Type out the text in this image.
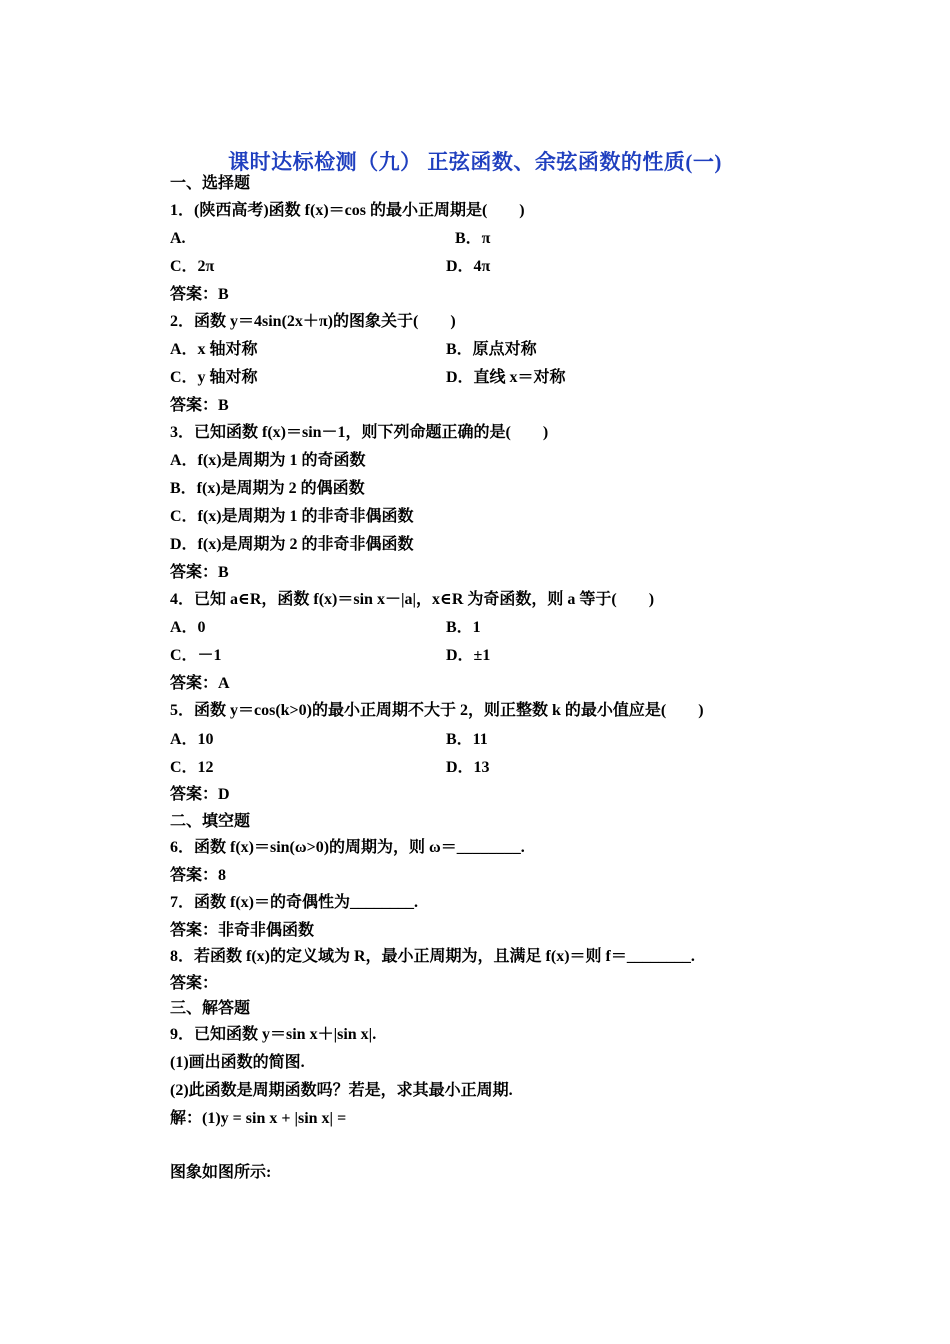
课时达标检测（九） 正弦函数、余弦函数的性质(一)
一、选择题
1．(陕西高考)函数 f(x)＝cos 的最小正周期是(　　)
A.
C．2π
答案：B
2．函数 y＝4sin(2x＋π)的图象关于(　　)
A．x 轴对称
C．y 轴对称
答案：B
3．已知函数 f(x)＝sin－1，则下列命题正确的是(　　)
A．f(x)是周期为 1 的奇函数
B．f(x)是周期为 2 的偶函数
C．f(x)是周期为 1 的非奇非偶函数
D．f(x)是周期为 2 的非奇非偶函数
答案：B
4．已知 a∈R，函数 f(x)＝sin x－|a|，x∈R 为奇函数，则 a 等于(　　)
A．0
C．－1
答案：A
5．函数 y＝cos(k>0)的最小正周期不大于 2，则正整数 k 的最小值应是(　　)
A．10
C．12
答案：D
二、填空题
6．函数 f(x)＝sin(ω>0)的周期为，则 ω＝________.
答案：8
7．函数 f(x)＝的奇偶性为________.
答案：非奇非偶函数
8．若函数 f(x)的定义域为 R，最小正周期为，且满足 f(x)＝则 f＝________.
答案：
三、解答题
9．已知函数 y＝sin x＋|sin x|.
(1)画出函数的简图.
(2)此函数是周期函数吗？若是，求其最小正周期.
解：(1)y = sin x + |sin x| =
图象如图所示:
B．π
D．4π
B．原点对称
D．直线 x＝对称
B．1
D．±1
B．11
D．13
